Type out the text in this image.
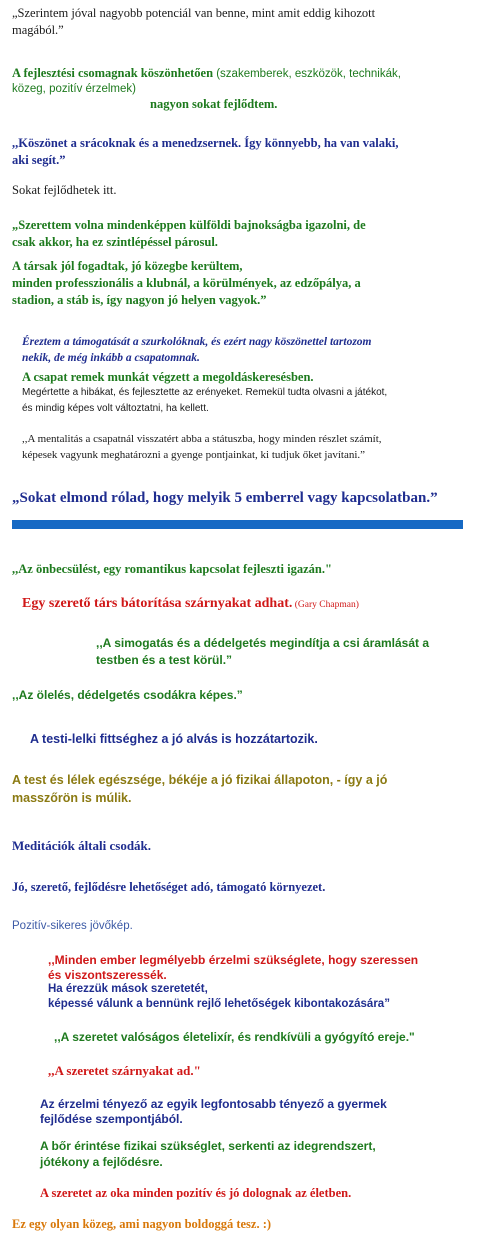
„Szerintem jóval nagyobb potenciál van benne, mint amit eddig kihozott

magából.”

A fejlesztési csomagnak köszönhetően (szakemberek, eszközök, technikák,

közeg, pozitív érzelmek)

nagyon sokat fejlődtem.

,,Köszönet a srácoknak és a menedzsernek. Így könnyebb, ha van valaki,

aki segít.”

Sokat fejlődhetek itt.

„Szerettem volna mindenképpen külföldi bajnokságba igazolni, de

csak akkor, ha ez szintlépéssel párosul.

A társak jól fogadtak, jó közegbe kerültem,

minden professzionális a klubnál, a körülmények, az edzőpálya, a

stadion, a stáb is, így nagyon jó helyen vagyok.”

Éreztem a támogatását a szurkolóknak, és ezért nagy köszönettel tartozom

nekik, de még inkább a csapatomnak.

A csapat remek munkát végzett a megoldáskeresésben.

Megértette a hibákat, és fejlesztette az erényeket. Remekül tudta olvasni a játékot,

és mindig képes volt változtatni, ha kellett.

,,A mentalitás a csapatnál visszatért abba a státuszba, hogy minden részlet számít,

képesek vagyunk meghatározni a gyenge pontjainkat, ki tudjuk őket javítani.”

„Sokat elmond rólad, hogy melyik 5 emberrel vagy kapcsolatban.”

,,Az önbecsülést, egy romantikus kapcsolat fejleszti igazán."

Egy szerető társ bátorítása szárnyakat adhat. (Gary Chapman)

,,A simogatás és a dédelgetés megindítja a csi áramlását a

testben és a test körül.”

,,Az ölelés, dédelgetés csodákra képes.”

A testi-lelki fittséghez a jó alvás is hozzátartozik.

A test és lélek egészsége, békéje a jó fizikai állapoton, - így a jó

masszőrön is múlik.

Meditációk általi csodák.

Jó, szerető, fejlődésre lehetőséget adó, támogató környezet.

Pozitív-sikeres jövőkép.

,,Minden ember legmélyebb érzelmi szükséglete, hogy szeressen

és viszontszeressék.

Ha érezzük mások szeretetét,

képessé válunk a bennünk rejlő lehetőségek kibontakozására”

,,A szeretet valóságos életelixír, és rendkívüli a gyógyító ereje."

,,A szeretet szárnyakat ad."

Az érzelmi tényező az egyik legfontosabb tényező a gyermek

fejlődése szempontjából.

A bőr érintése fizikai szükséglet, serkenti az idegrendszert,

jótékony a fejlődésre.

A szeretet az oka minden pozitív és jó dolognak az életben.

Ez egy olyan közeg, ami nagyon boldoggá tesz. :)
